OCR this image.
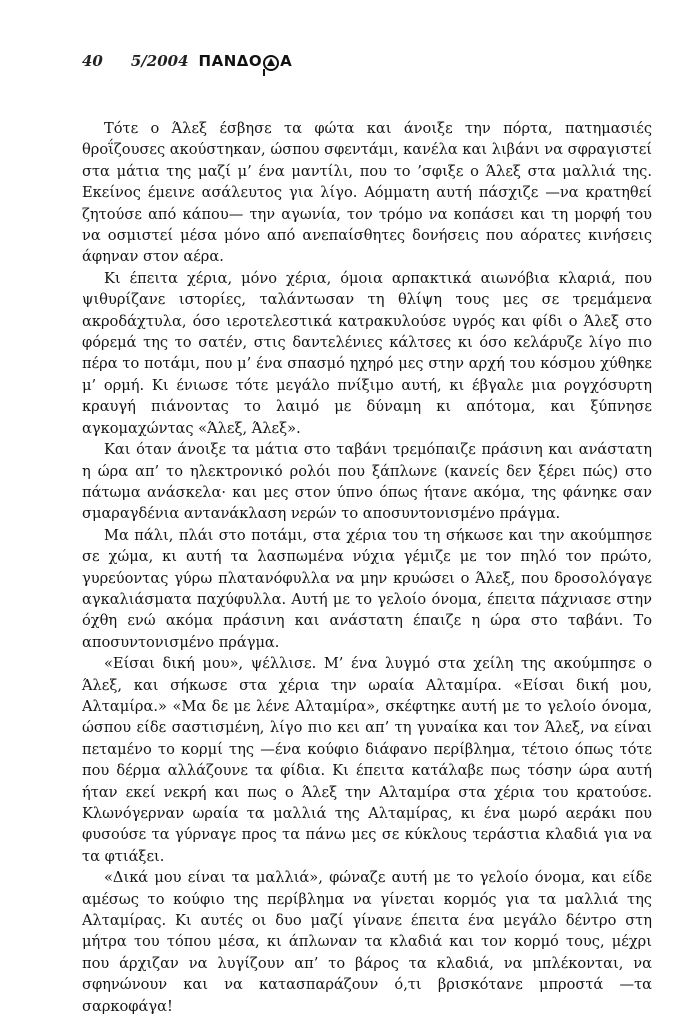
40 5/2004 ΠΑΝΔΟ Α

Τότε ο Άλεξ έσβησε τα φώτα και άνοιξε την πόρτα, πατημασιές θροΐζουσες ακούστηκαν, ώσπου σφεντάμι, κανέλα και λιβάνι να σφραγιστεί στα μάτια της μαζί μ’ ένα μαντίλι, που το ’σφιξε ο Άλεξ στα μαλλιά της. Εκείνος έμεινε ασάλευτος για λίγο. Αόμματη αυτή πάσχιζε —να κρατηθεί ζητούσε από κάπου— την αγωνία, τον τρόμο να κοπάσει και τη μορφή του να οσμιστεί μέσα μόνο από ανεπαίσθητες δονήσεις που αόρατες κινήσεις άφηναν στον αέρα.

Κι έπειτα χέρια, μόνο χέρια, όμοια αρπακτικά αιωνόβια κλαριά, που ψιθυρίζανε ιστορίες, ταλάντωσαν τη θλίψη τους μες σε τρεμάμενα ακροδάχτυλα, όσο ιεροτελεστικά κατρακυλούσε υγρός και φίδι ο Άλεξ στο φόρεμά της το σατέν, στις δαντελένιες κάλτσες κι όσο κελάρυζε λίγο πιο πέρα το ποτάμι, που μ’ ένα σπασμό ηχηρό μες στην αρχή του κόσμου χύθηκε μ’ ορμή. Κι ένιωσε τότε μεγάλο πνίξιμο αυτή, κι έβγαλε μια ρογχόσυρτη κραυγή πιάνοντας το λαιμό με δύναμη κι απότομα, και ξύπνησε αγκομαχώντας «Άλεξ, Άλεξ».

Και όταν άνοιξε τα μάτια στο ταβάνι τρεμόπαιζε πράσινη και ανάστατη η ώρα απ’ το ηλεκτρονικό ρολόι που ξάπλωνε (κανείς δεν ξέρει πώς) στο πάτωμα ανάσκελα· και μες στον ύπνο όπως ήτανε ακόμα, της φάνηκε σαν σμαραγδένια αντανάκλαση νερών το αποσυντονισμένο πράγμα.

Μα πάλι, πλάι στο ποτάμι, στα χέρια του τη σήκωσε και την ακούμπησε σε χώμα, κι αυτή τα λασπωμένα νύχια γέμιζε με τον πηλό τον πρώτο, γυρεύοντας γύρω πλατανόφυλλα να μην κρυώσει ο Άλεξ, που δροσολόγαγε αγκαλιάσματα παχύφυλλα. Αυτή με το γελοίο όνομα, έπειτα πάχνιασε στην όχθη ενώ ακόμα πράσινη και ανάστατη έπαιζε η ώρα στο ταβάνι. Το αποσυντονισμένο πράγμα.

«Είσαι δική μου», ψέλλισε. Μ’ ένα λυγμό στα χείλη της ακούμπησε ο Άλεξ, και σήκωσε στα χέρια την ωραία Αλταμίρα. «Είσαι δική μου, Αλταμίρα.» «Μα δε με λένε Αλταμίρα», σκέφτηκε αυτή με το γελοίο όνομα, ώσπου είδε σαστισμένη, λίγο πιο κει απ’ τη γυναίκα και τον Άλεξ, να είναι πεταμένο το κορμί της —ένα κούφιο διάφανο περίβλημα, τέτοιο όπως τότε που δέρμα αλλάζουνε τα φίδια. Κι έπειτα κατάλαβε πως τόσην ώρα αυτή ήταν εκεί νεκρή και πως ο Άλεξ την Αλταμίρα στα χέρια του κρατούσε. Κλωνόγερναν ωραία τα μαλλιά της Αλταμίρας, κι ένα μωρό αεράκι που φυσούσε τα γύρναγε προς τα πάνω μες σε κύκλους τεράστια κλαδιά για να τα φτιάξει.

«Δικά μου είναι τα μαλλιά», φώναζε αυτή με το γελοίο όνομα, και είδε αμέσως το κούφιο της περίβλημα να γίνεται κορμός για τα μαλλιά της Αλταμίρας. Κι αυτές οι δυο μαζί γίνανε έπειτα ένα μεγάλο δέντρο στη μήτρα του τόπου μέσα, κι άπλωναν τα κλαδιά και τον κορμό τους, μέχρι που άρχιζαν να λυγίζουν απ’ το βάρος τα κλαδιά, να μπλέκονται, να σφηνώνουν και να κατασπαράζουν ό,τι βρισκότανε μπροστά —τα σαρκοφάγα!
